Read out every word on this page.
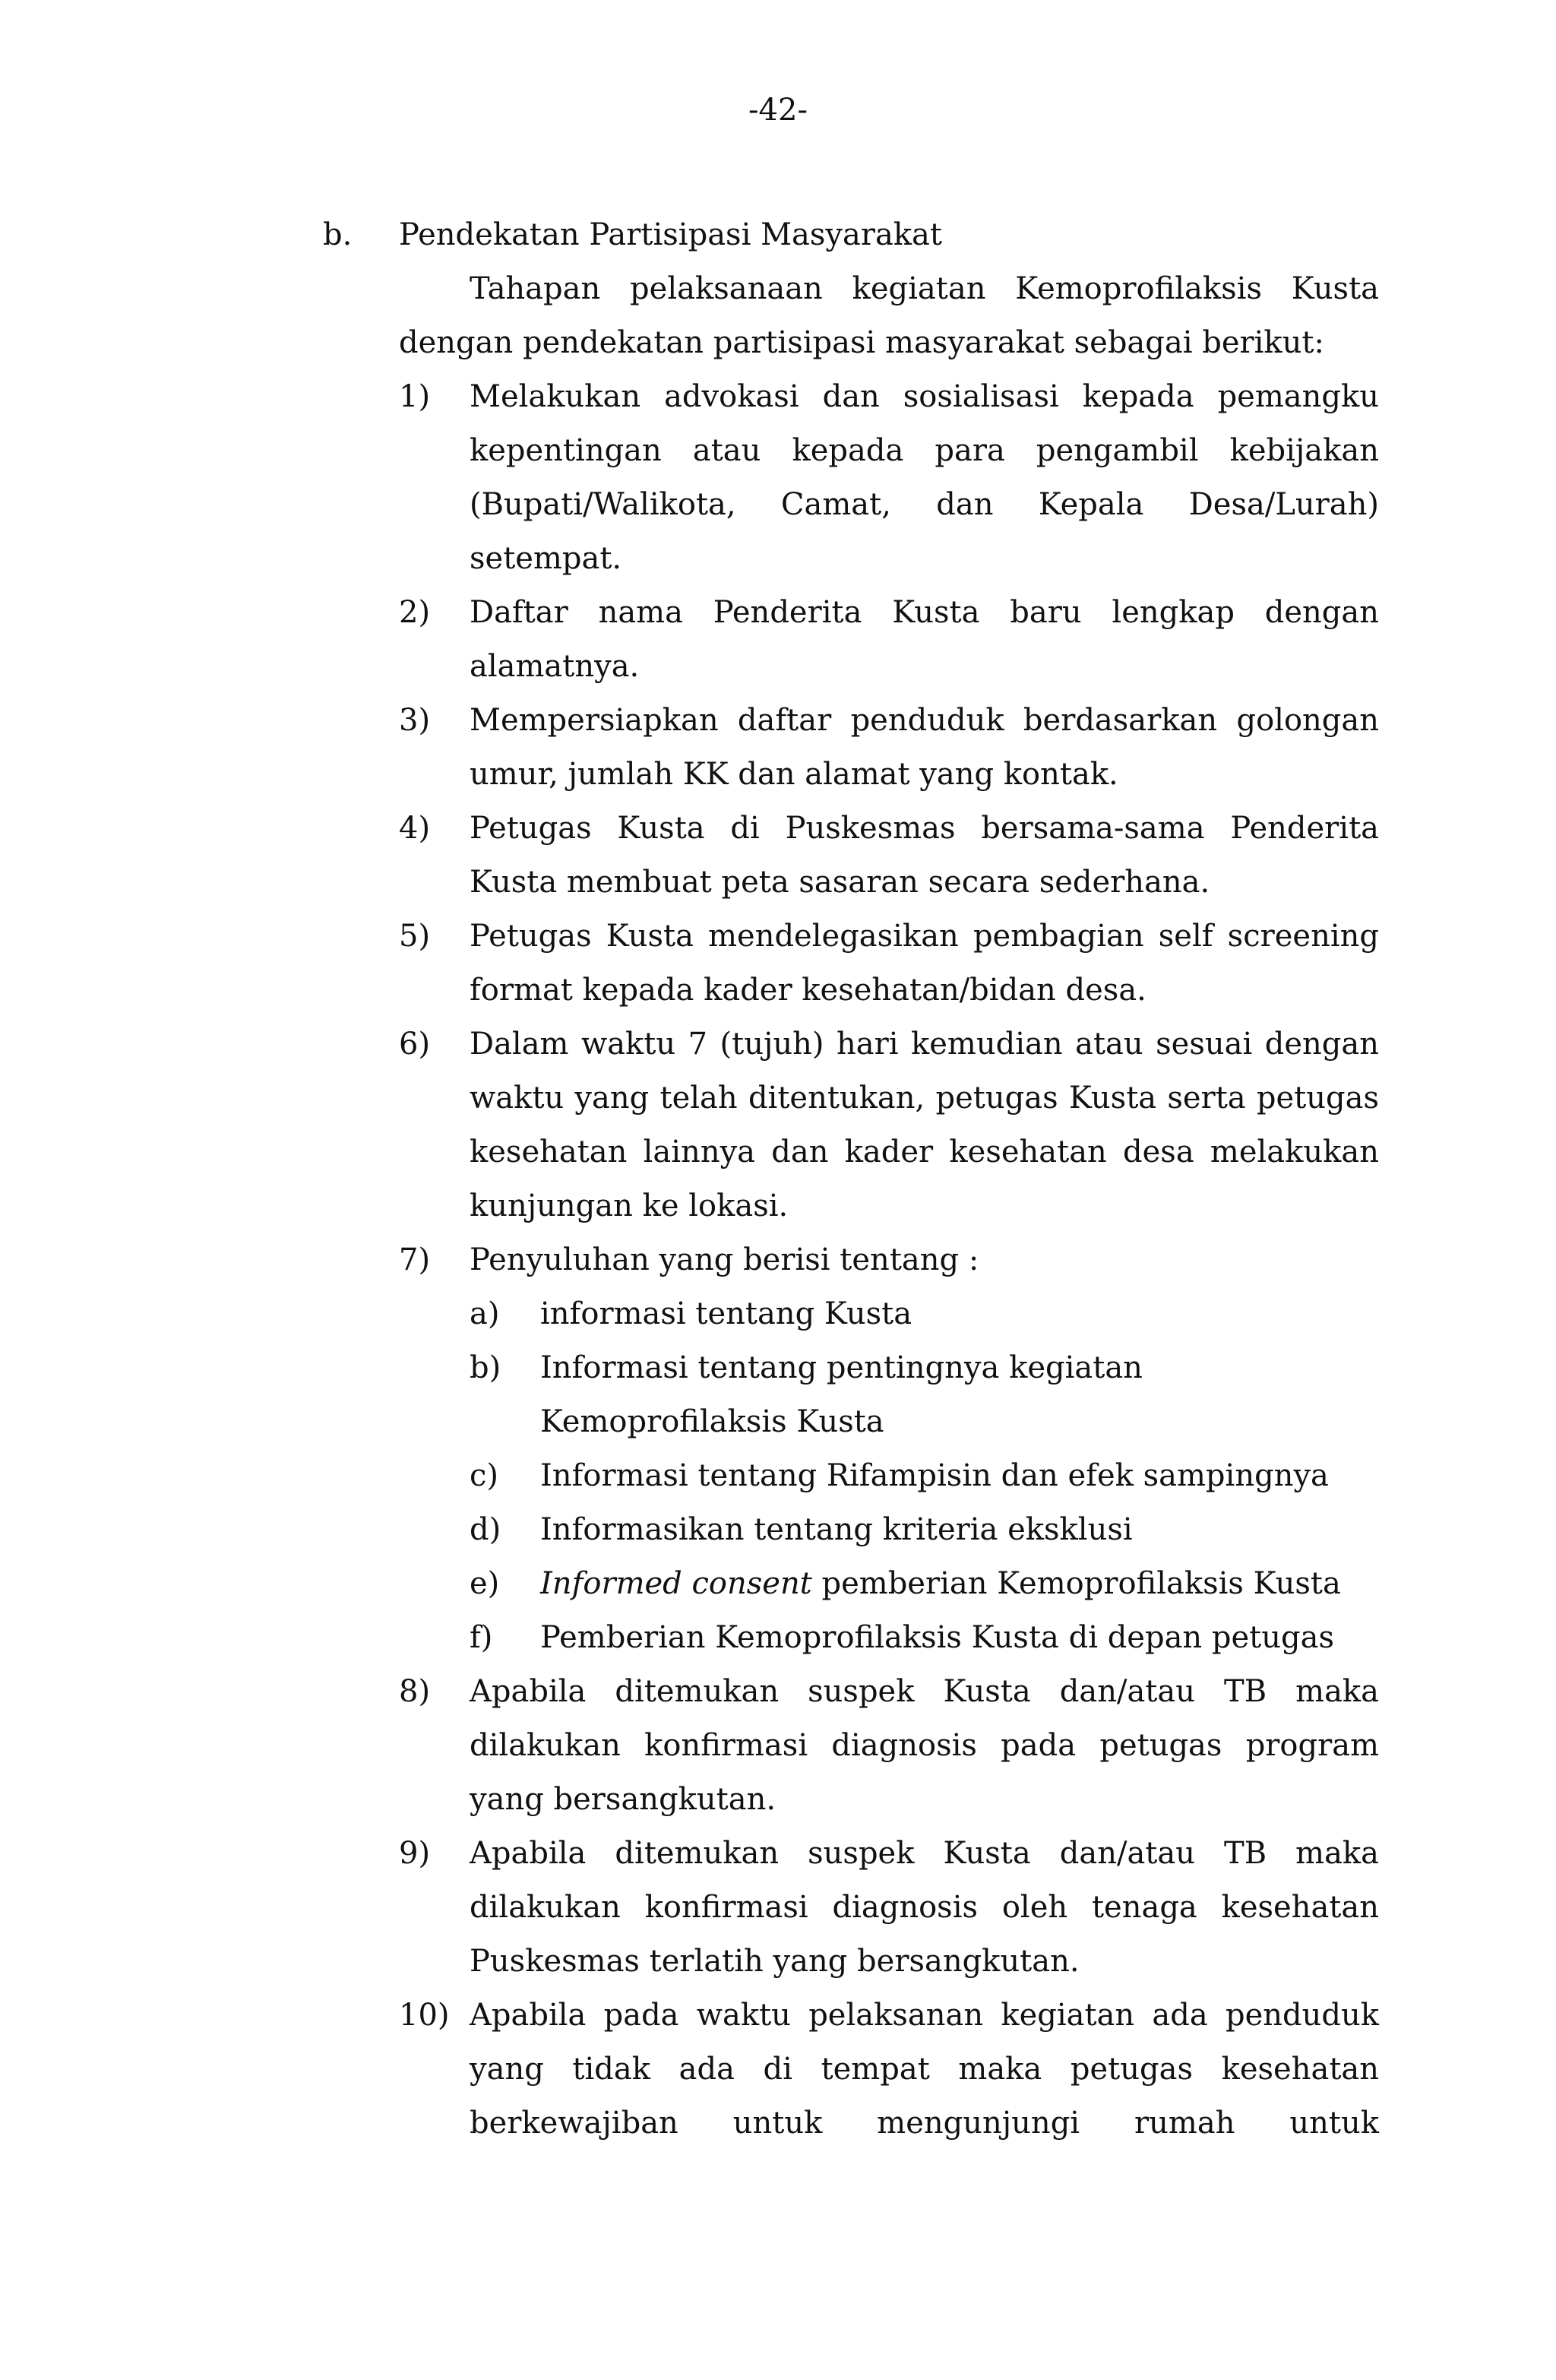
-42-
b. Pendekatan Partisipasi Masyarakat
Tahapan pelaksanaan kegiatan Kemoprofilaksis Kusta dengan pendekatan partisipasi masyarakat sebagai berikut:
1) Melakukan advokasi dan sosialisasi kepada pemangku kepentingan atau kepada para pengambil kebijakan (Bupati/Walikota, Camat, dan Kepala Desa/Lurah) setempat.
2) Daftar nama Penderita Kusta baru lengkap dengan alamatnya.
3) Mempersiapkan daftar penduduk berdasarkan golongan umur, jumlah KK dan alamat yang kontak.
4) Petugas Kusta di Puskesmas bersama-sama Penderita Kusta membuat peta sasaran secara sederhana.
5) Petugas Kusta mendelegasikan pembagian self screening format kepada kader kesehatan/bidan desa.
6) Dalam waktu 7 (tujuh) hari kemudian atau sesuai dengan waktu yang telah ditentukan, petugas Kusta serta petugas kesehatan lainnya dan kader kesehatan desa melakukan kunjungan ke lokasi.
7) Penyuluhan yang berisi tentang :
a) informasi tentang Kusta
b) Informasi tentang pentingnya kegiatan Kemoprofilaksis Kusta
c) Informasi tentang Rifampisin dan efek sampingnya
d) Informasikan tentang kriteria eksklusi
e) Informed consent pemberian Kemoprofilaksis Kusta
f) Pemberian Kemoprofilaksis Kusta di depan petugas
8) Apabila ditemukan suspek Kusta dan/atau TB maka dilakukan konfirmasi diagnosis pada petugas program yang bersangkutan.
9) Apabila ditemukan suspek Kusta dan/atau TB maka dilakukan konfirmasi diagnosis oleh tenaga kesehatan Puskesmas terlatih yang bersangkutan.
10) Apabila pada waktu pelaksanan kegiatan ada penduduk yang tidak ada di tempat maka petugas kesehatan berkewajiban untuk mengunjungi rumah untuk
